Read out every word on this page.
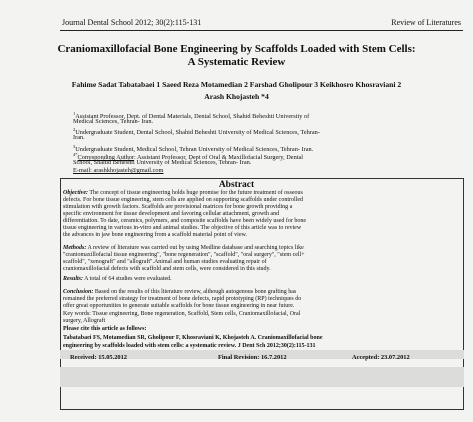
Journal Dental School 2012; 30(2):115-131	Review of Literatures
Craniomaxillofacial Bone Engineering by Scaffolds Loaded with Stem Cells:
A Systematic Review
Fahime Sadat Tabatabaei 1 Saeed Reza Motamedian 2 Farshad Gholipour 3 Keikhosro Khosraviani 2
Arash Khojasteh *4
$^1$Assistant Professor, Dept. of Dental Materials, Dental School, Shahid Beheshti University of
Medical Sciences, Tehran- Iran.
$^2$Undergraduate Student, Dental School, Shahid Beheshti University of Medical Sciences, Tehran-
Iran.
$^3$Undergraduate Student, Medical School, Tehran University of Medical Sciences, Tehran- Iran.
$^{4*}$Corresponding Author: Assistant Professor, Dept of Oral & Maxillofacial Surgery, Dental
School, Shahid Beheshti University of Medical Sciences, Tehran- Iran.
E-mail: arashkhojasteh@gmail.com
Abstract
Objective: The concept of tissue engineering holds huge promise for the future treatment of osseous
defects. For bone tissue engineering, stem cells are applied on supporting scaffolds under controlled
stimulation with growth factors. Scaffolds are provisional matrices for bone growth providing a
specific environment for tissue development and favoring cellular attachment, growth and
differentiation. To date, ceramics, polymers, and composite scaffolds have been widely used for bone
tissue engineering in various in-vitro and animal studies. The objective of this article was to review
the advances in jaw bone engineering from a scaffold material point of view.
Methods: A review of literature was carried out by using Medline database and searching topics like
"craniomaxillofacial tissue engineering", "bone regeneration", "scaffold", "oral surgery", "stem cell+
scaffold", "xenograft" and "allograft".Animal and human studies evaluating repair of
craniomaxillofacial defects with scaffold and stem cells, were considered in this study.
Results: A total of 64 studies were evaluated.
Conclusion: Based on the results of this literature review, although autogenous bone grafting has
remained the preferred strategy for treatment of bone defects, rapid prototyping (RP) techniques do
offer great opportunities to generate suitable scaffolds for bone tissue engineering in near future.
Key words: Tissue engineering, Bone regeneration, Scaffold, Stem cells, Craniomaxillofacial, Oral
surgery, Allograft
Please cite this article as follows:
Tabatabaei FS, Motamedian SR, Gholipour F, Khosraviani K, Khojasteh A. Craniomaxillofacial bone
engineering by scaffolds loaded with stem cells: a systematic review. J Dent Sch 2012;30(2):115-131
Received: 15.05.2012	Final Revision: 16.7.2012	Accepted: 23.07.2012
